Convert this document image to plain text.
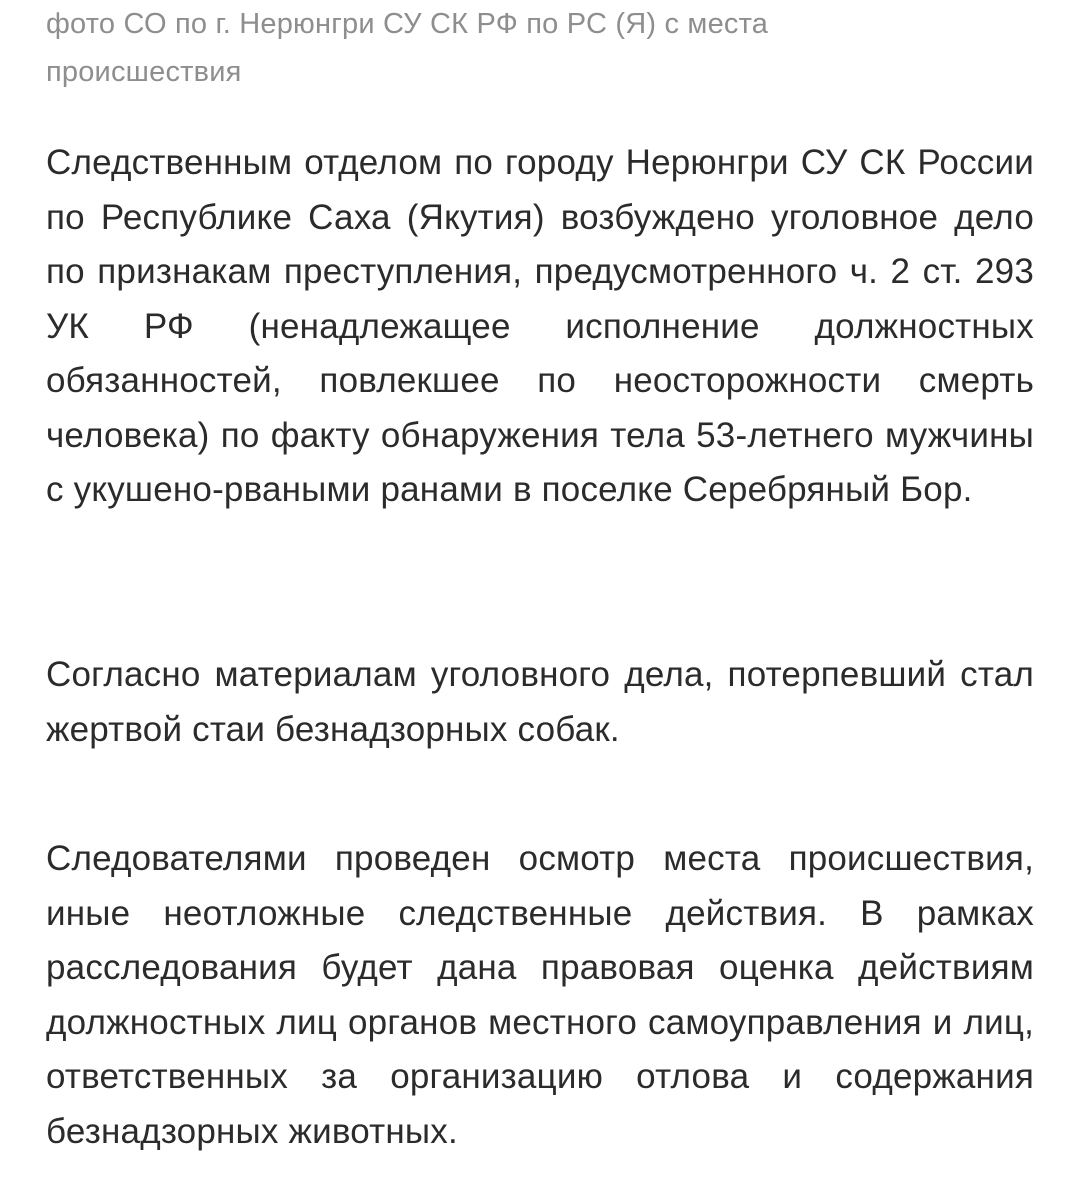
фото СО по г. Нерюнгри СУ СК РФ по РС (Я) с места происшествия

Следственным отделом по городу Нерюнгри СУ СК России по Республике Саха (Якутия) возбуждено уголовное дело по признакам преступления, предусмотренного ч. 2 ст. 293 УК РФ (ненадлежащее исполнение должностных обязанностей, повлекшее по неосторожности смерть человека) по факту обнаружения тела 53-летнего мужчины с укушено-рваными ранами в поселке Серебряный Бор.

Согласно материалам уголовного дела, потерпевший стал жертвой стаи безнадзорных собак.

Следователями проведен осмотр места происшествия, иные неотложные следственные действия. В рамках расследования будет дана правовая оценка действиям должностных лиц органов местного самоуправления и лиц, ответственных за организацию отлова и содержания безнадзорных животных.
